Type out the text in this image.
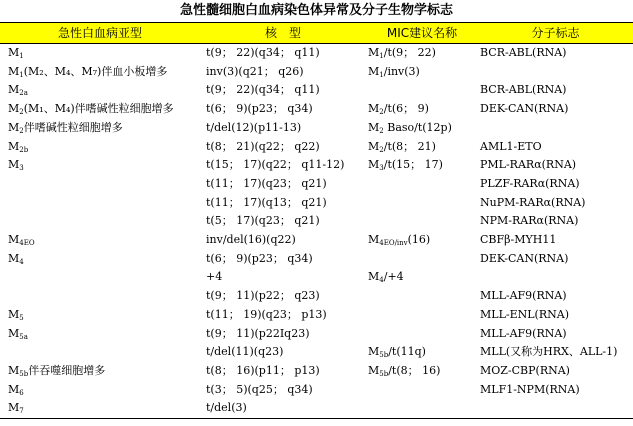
急性髓细胞白血病染色体异常及分子生物学标志
急性白血病亚型	核　型	MIC建议名称	分子标志
$M_1$	t(9； 22)(q34； q11)	$M_1/t(9$； 22)	BCR-ABL(RNA)
$M_1(M_2$、M₄、M₇)伴血小板增多	inv(3)(q21； q26)	$M_1/inv(3)$	
$M_{2a}$	t(9； 22)(q34； q11)		BCR-ABL(RNA)
$M_2(M_1$、M₄)伴嗜碱性粒细胞增多	t(6； 9)(p23； q34)	$M_2/t(6$； 9)	DEK-CAN(RNA)
$M_2$伴嗜碱性粒细胞增多	t/del(12)(p11-13)	$M_2$ Baso/t(12p)	
$M_{2b}$	t(8； 21)(q22； q22)	$M_2/t(8$； 21)	AML1-ETO
$M_3$	t(15； 17)(q22； q11-12)	$M_3/t(15$； 17)	PML-RARα(RNA)
	t(11； 17)(q23； q21)		PLZF-RARα(RNA)
	t(11； 17)(q13； q21)		NuPM-RARα(RNA)
	t(5； 17)(q23； q21)		NPM-RARα(RNA)
$M_{4EO}$	inv/del(16)(q22)	$M_{4EO/inv}(16)$	CBFβ-MYH11
$M_4$	t(6； 9)(p23； q34)		DEK-CAN(RNA)
	+4	$M_4/+4$	
	t(9； 11)(p22； q23)		MLL-AF9(RNA)
$M_5$	t(11； 19)(q23； p13)		MLL-ENL(RNA)
$M_{5a}$	t(9； 11)(p22Iq23)		MLL-AF9(RNA)
	t/del(11)(q23)	$M_{5b}/t(11q)$	MLL(又称为HRX、ALL-1)
$M_{5b}$伴吞噬细胞增多	t(8； 16)(p11； p13)	$M_{5b}/t(8$； 16)	MOZ-CBP(RNA)
$M_6$	t(3； 5)(q25； q34)		MLF1-NPM(RNA)
$M_7$	t/del(3)		
